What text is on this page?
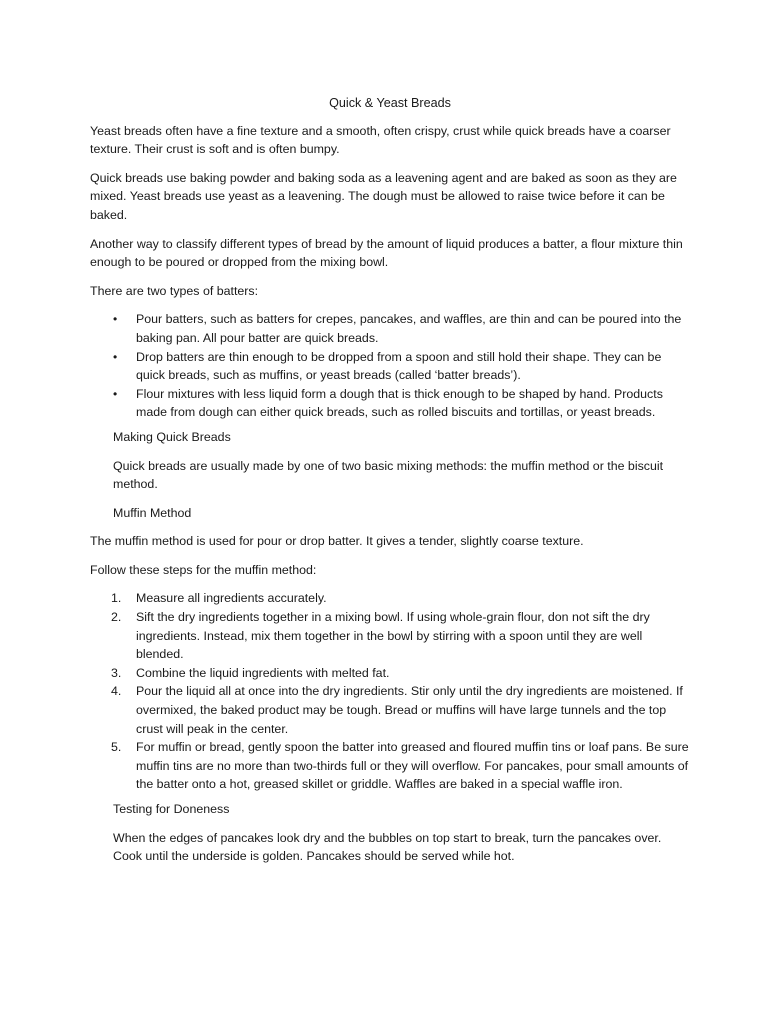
Quick & Yeast Breads

Yeast breads often have a fine texture and a smooth, often crispy, crust while quick breads have a coarser texture. Their crust is soft and is often bumpy.

Quick breads use baking powder and baking soda as a leavening agent and are baked as soon as they are mixed. Yeast breads use yeast as a leavening. The dough must be allowed to raise twice before it can be baked.

Another way to classify different types of bread by the amount of liquid produces a batter, a flour mixture thin enough to be poured or dropped from the mixing bowl.

There are two types of batters:

• Pour batters, such as batters for crepes, pancakes, and waffles, are thin and can be poured into the baking pan. All pour batter are quick breads.
• Drop batters are thin enough to be dropped from a spoon and still hold their shape. They can be quick breads, such as muffins, or yeast breads (called ‘batter breads’).
• Flour mixtures with less liquid form a dough that is thick enough to be shaped by hand. Products made from dough can either quick breads, such as rolled biscuits and tortillas, or yeast breads.

Making Quick Breads

Quick breads are usually made by one of two basic mixing methods: the muffin method or the biscuit method.

Muffin Method

The muffin method is used for pour or drop batter. It gives a tender, slightly coarse texture.

Follow these steps for the muffin method:

1. Measure all ingredients accurately.
2. Sift the dry ingredients together in a mixing bowl. If using whole-grain flour, don not sift the dry ingredients. Instead, mix them together in the bowl by stirring with a spoon until they are well blended.
3. Combine the liquid ingredients with melted fat.
4. Pour the liquid all at once into the dry ingredients. Stir only until the dry ingredients are moistened. If overmixed, the baked product may be tough. Bread or muffins will have large tunnels and the top crust will peak in the center.
5. For muffin or bread, gently spoon the batter into greased and floured muffin tins or loaf pans. Be sure muffin tins are no more than two-thirds full or they will overflow. For pancakes, pour small amounts of the batter onto a hot, greased skillet or griddle. Waffles are baked in a special waffle iron.

Testing for Doneness

When the edges of pancakes look dry and the bubbles on top start to break, turn the pancakes over. Cook until the underside is golden. Pancakes should be served while hot.
